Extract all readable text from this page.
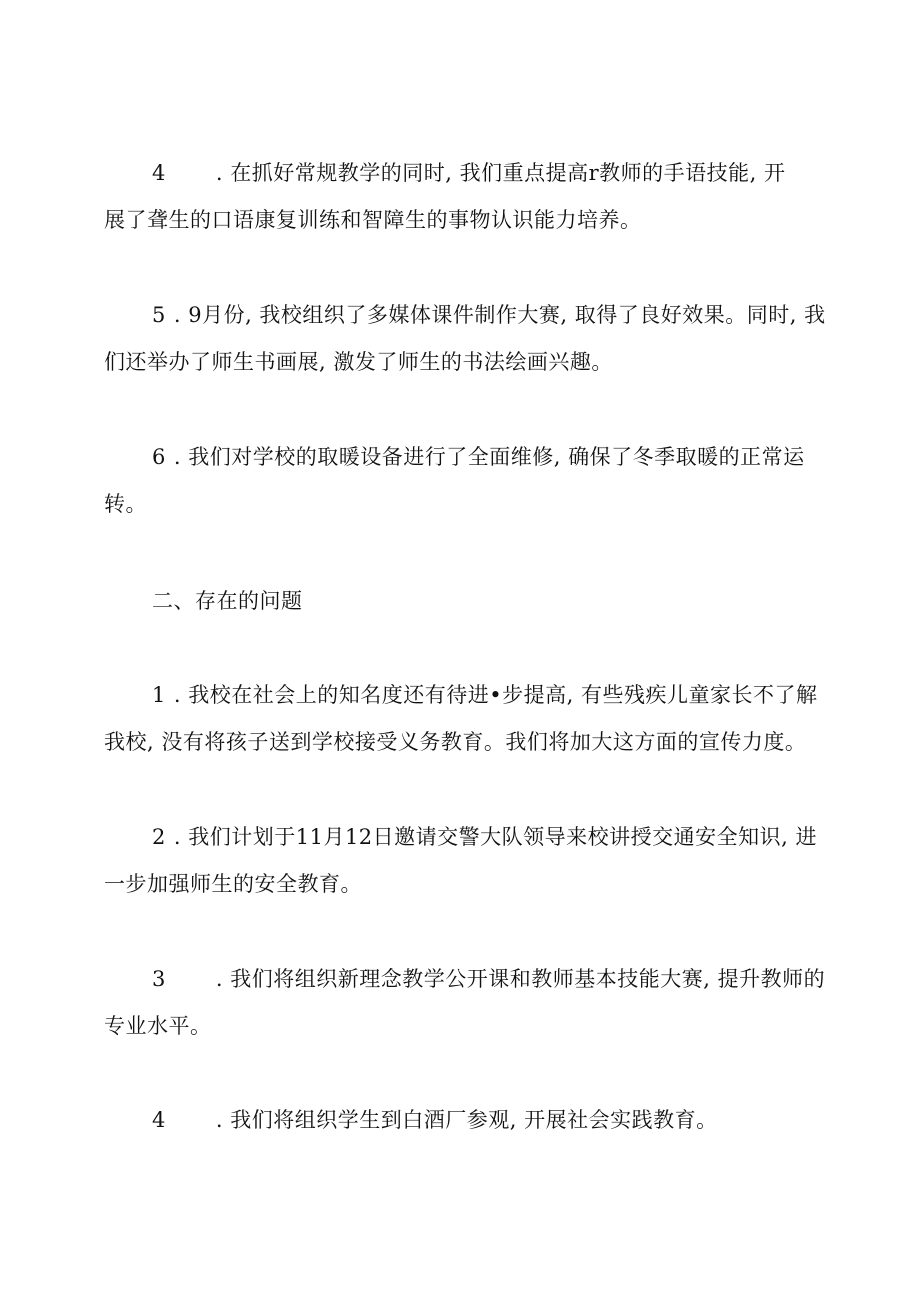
4 . 在抓好常规教学的同时, 我们重点提高r教师的手语技能, 开
展了聋生的口语康复训练和智障生的事物认识能力培养。
5 . 9月份, 我校组织了多媒体课件制作大赛, 取得了良好效果。同时, 我
们还举办了师生书画展, 激发了师生的书法绘画兴趣。
6 . 我们对学校的取暖设备进行了全面维修, 确保了冬季取暖的正常运
转。
二、存在的问题
1 . 我校在社会上的知名度还有待进•步提高, 有些残疾儿童家长不了解
我校, 没有将孩子送到学校接受义务教育。我们将加大这方面的宣传力度。
2 . 我们计划于11月12日邀请交警大队领导来校讲授交通安全知识, 进
一步加强师生的安全教育。
3 . 我们将组织新理念教学公开课和教师基本技能大赛, 提升教师的
专业水平。
4 . 我们将组织学生到白酒厂参观, 开展社会实践教育。
